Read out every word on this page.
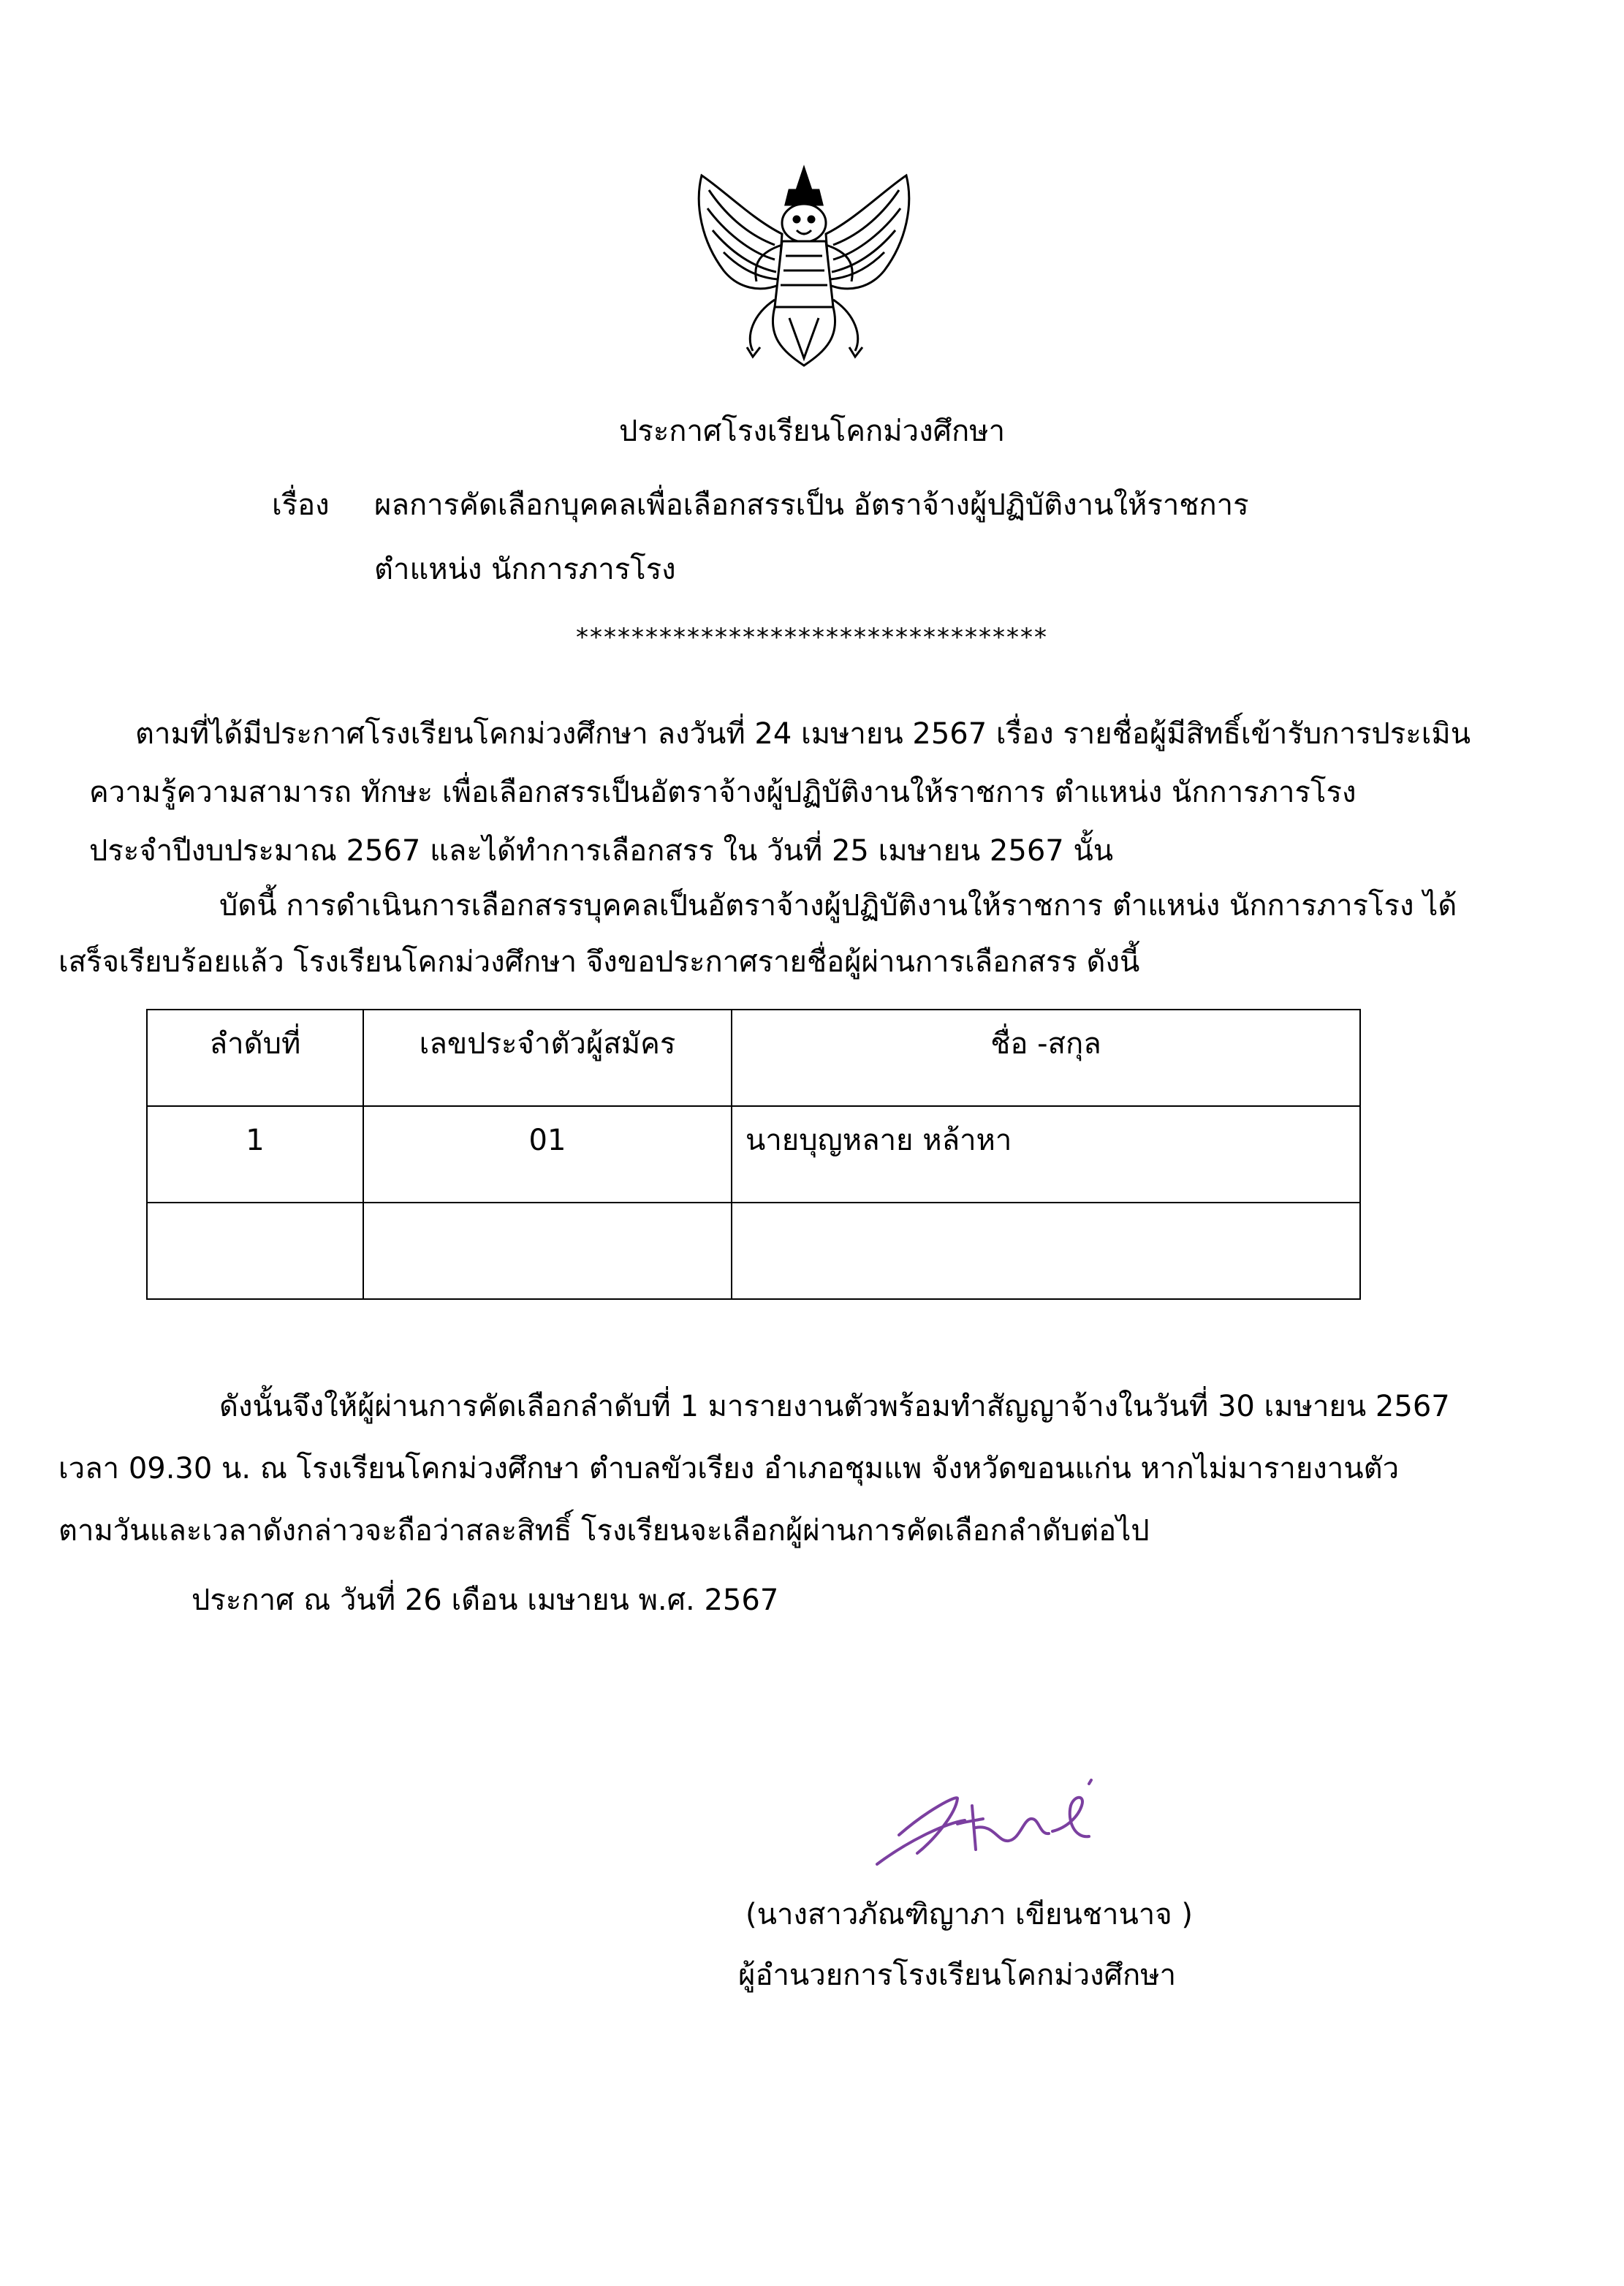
ประกาศโรงเรียนโคกม่วงศึกษา

เรื่อง ผลการคัดเลือกบุคคลเพื่อเลือกสรรเป็น อัตราจ้างผู้ปฏิบัติงานให้ราชการ

ตำแหน่ง นักการภารโรง

**********************************

ตามที่ได้มีประกาศโรงเรียนโคกม่วงศึกษา ลงวันที่ 24 เมษายน 2567 เรื่อง รายชื่อผู้มีสิทธิ์เข้ารับการประเมิน

ความรู้ความสามารถ ทักษะ เพื่อเลือกสรรเป็นอัตราจ้างผู้ปฏิบัติงานให้ราชการ ตำแหน่ง นักการภารโรง

ประจำปีงบประมาณ 2567 และได้ทำการเลือกสรร ใน วันที่ 25 เมษายน 2567 นั้น

บัดนี้ การดำเนินการเลือกสรรบุคคลเป็นอัตราจ้างผู้ปฏิบัติงานให้ราชการ ตำแหน่ง นักการภารโรง ได้

เสร็จเรียบร้อยแล้ว โรงเรียนโคกม่วงศึกษา จึงขอประกาศรายชื่อผู้ผ่านการเลือกสรร ดังนี้

ลำดับที่	เลขประจำตัวผู้สมัคร	ชื่อ -สกุล
1	01	นายบุญหลาย หล้าหา

ดังนั้นจึงให้ผู้ผ่านการคัดเลือกลำดับที่ 1 มารายงานตัวพร้อมทำสัญญาจ้างในวันที่ 30 เมษายน 2567

เวลา 09.30 น. ณ โรงเรียนโคกม่วงศึกษา ตำบลขัวเรียง อำเภอชุมแพ จังหวัดขอนแก่น หากไม่มารายงานตัว

ตามวันและเวลาดังกล่าวจะถือว่าสละสิทธิ์ โรงเรียนจะเลือกผู้ผ่านการคัดเลือกลำดับต่อไป

ประกาศ ณ วันที่ 26 เดือน เมษายน พ.ศ. 2567

(นางสาวภัณฑิญาภา เขียนชานาจ )

ผู้อำนวยการโรงเรียนโคกม่วงศึกษา
